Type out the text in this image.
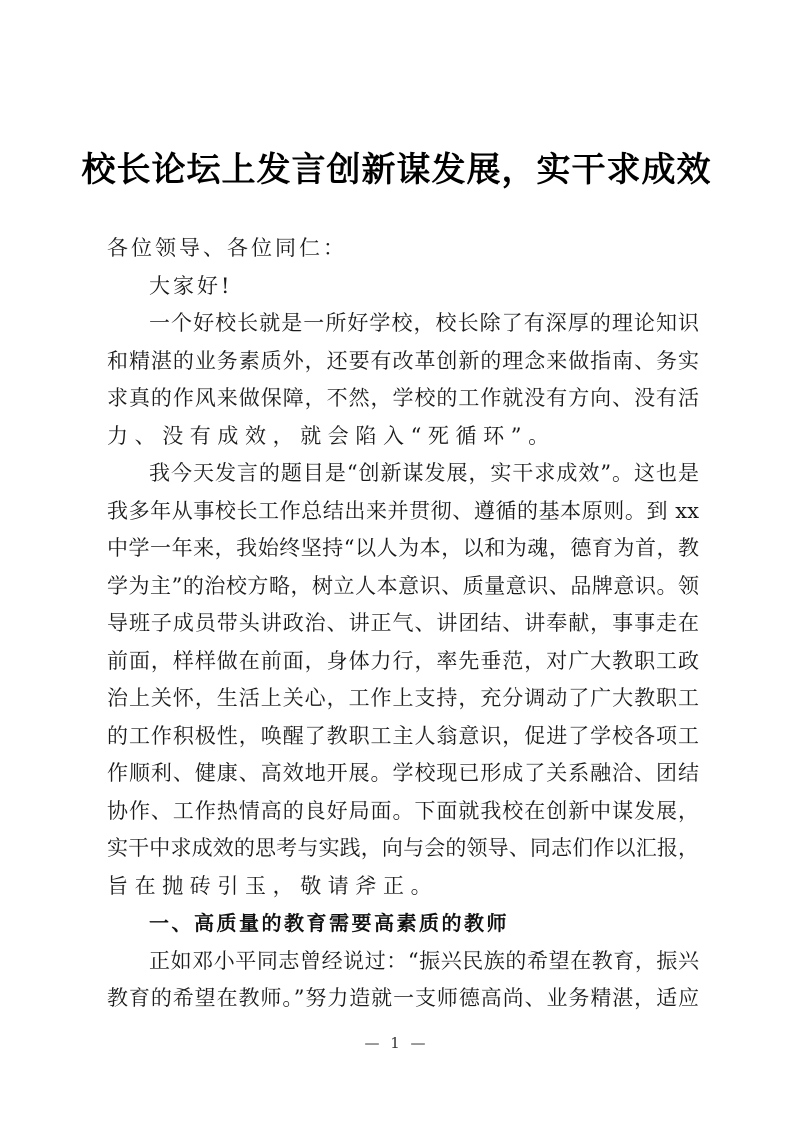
校长论坛上发言创新谋发展，实干求成效
各位领导、各位同仁：
大家好!
一个好校长就是一所好学校，校长除了有深厚的理论知识
和精湛的业务素质外，还要有改革创新的理念来做指南、务实
求真的作风来做保障，不然，学校的工作就没有方向、没有活
力、没有成效，就会陷入“死循环”。
我今天发言的题目是“创新谋发展，实干求成效”。这也是
我多年从事校长工作总结出来并贯彻、遵循的基本原则。到 xx
中学一年来，我始终坚持“以人为本，以和为魂，德育为首，教
学为主”的治校方略，树立人本意识、质量意识、品牌意识。领
导班子成员带头讲政治、讲正气、讲团结、讲奉献，事事走在
前面，样样做在前面，身体力行，率先垂范，对广大教职工政
治上关怀，生活上关心，工作上支持，充分调动了广大教职工
的工作积极性，唤醒了教职工主人翁意识，促进了学校各项工
作顺利、健康、高效地开展。学校现已形成了关系融洽、团结
协作、工作热情高的良好局面。下面就我校在创新中谋发展，
实干中求成效的思考与实践，向与会的领导、同志们作以汇报，
旨在抛砖引玉，敬请斧正。
一、高质量的教育需要高素质的教师
正如邓小平同志曾经说过：“振兴民族的希望在教育，振兴
教育的希望在教师。”努力造就一支师德高尚、业务精湛，适应
— 1 —
